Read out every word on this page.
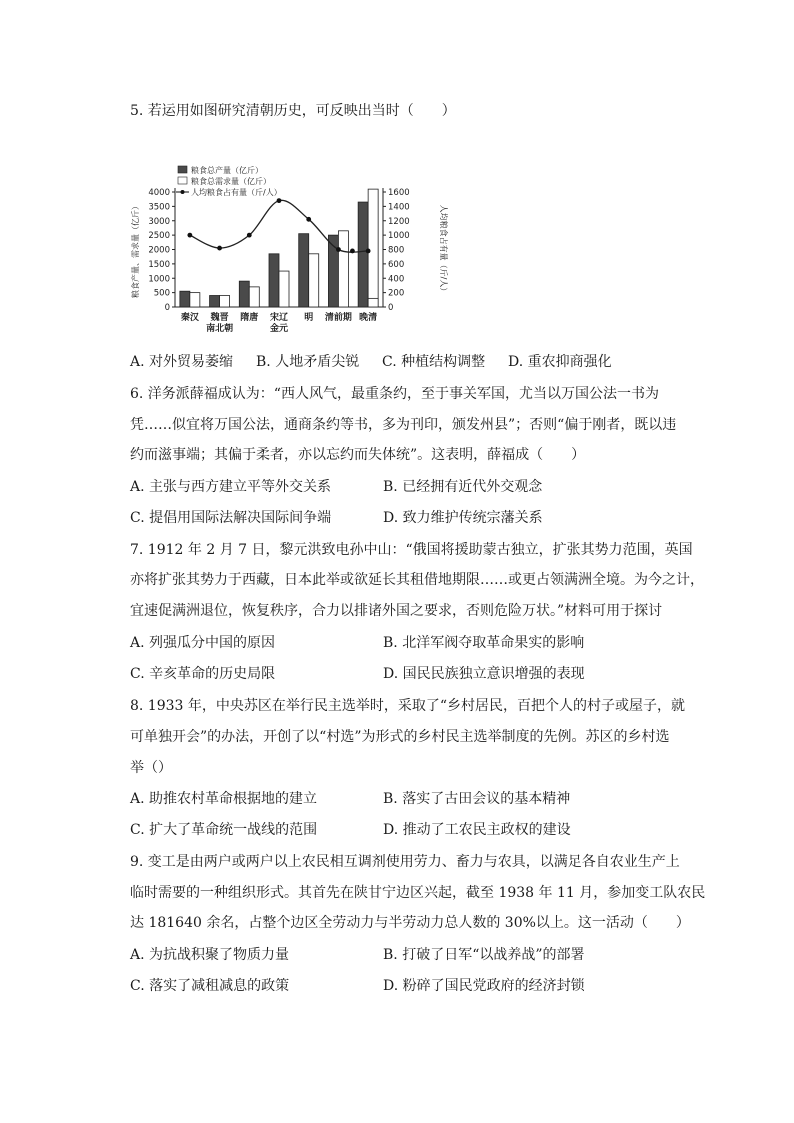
5. 若运用如图研究清朝历史，可反映出当时（　　）
0
500
1000
1500
2000
2500
3000
3500
4000
0
200
400
600
800
1000
1200
1400
1600
粮食产量、需求量（亿斤）	人均粮食占有量（斤/人）
秦汉 魏晋
南北朝
隋唐 宋辽
金元
明 清前期 晚清
粮食总产量（亿斤）
粮食总需求量（亿斤）
人均粮食占有量（斤/人）
A. 对外贸易萎缩 B. 人地矛盾尖锐 C. 种植结构调整 D. 重农抑商强化
6. 洋务派薛福成认为：“西人风气，最重条约，至于事关军国，尤当以万国公法一书为
凭……似宜将万国公法，通商条约等书，多为刊印，颁发州县”；否则“偏于刚者，既以违
约而滋事端；其偏于柔者，亦以忘约而失体统”。这表明，薛福成（　　）
A. 主张与西方建立平等外交关系	B. 已经拥有近代外交观念
C. 提倡用国际法解决国际间争端	D. 致力维护传统宗藩关系
7. 1912 年 2 月 7 日，黎元洪致电孙中山：“俄国将援助蒙古独立，扩张其势力范围，英国
亦将扩张其势力于西藏，日本此举或欲延长其租借地期限……或更占领满洲全境。为今之计，
宜速促满洲退位，恢复秩序，合力以排诸外国之要求，否则危险万状。”材料可用于探讨
A. 列强瓜分中国的原因	B. 北洋军阀夺取革命果实的影响
C. 辛亥革命的历史局限	D. 国民民族独立意识增强的表现
8. 1933 年，中央苏区在举行民主选举时，采取了“乡村居民，百把个人的村子或屋子，就
可单独开会”的办法，开创了以“村选”为形式的乡村民主选举制度的先例。苏区的乡村选
举（）
A. 助推农村革命根据地的建立	B. 落实了古田会议的基本精神
C. 扩大了革命统一战线的范围	D. 推动了工农民主政权的建设
9. 变工是由两户或两户以上农民相互调剂使用劳力、畜力与农具，以满足各自农业生产上
临时需要的一种组织形式。其首先在陕甘宁边区兴起，截至 1938 年 11 月，参加变工队农民
达 181640 余名，占整个边区全劳动力与半劳动力总人数的 30%以上。这一活动（　　）
A. 为抗战积聚了物质力量	B. 打破了日军“以战养战”的部署
C. 落实了减租减息的政策	D. 粉碎了国民党政府的经济封锁
